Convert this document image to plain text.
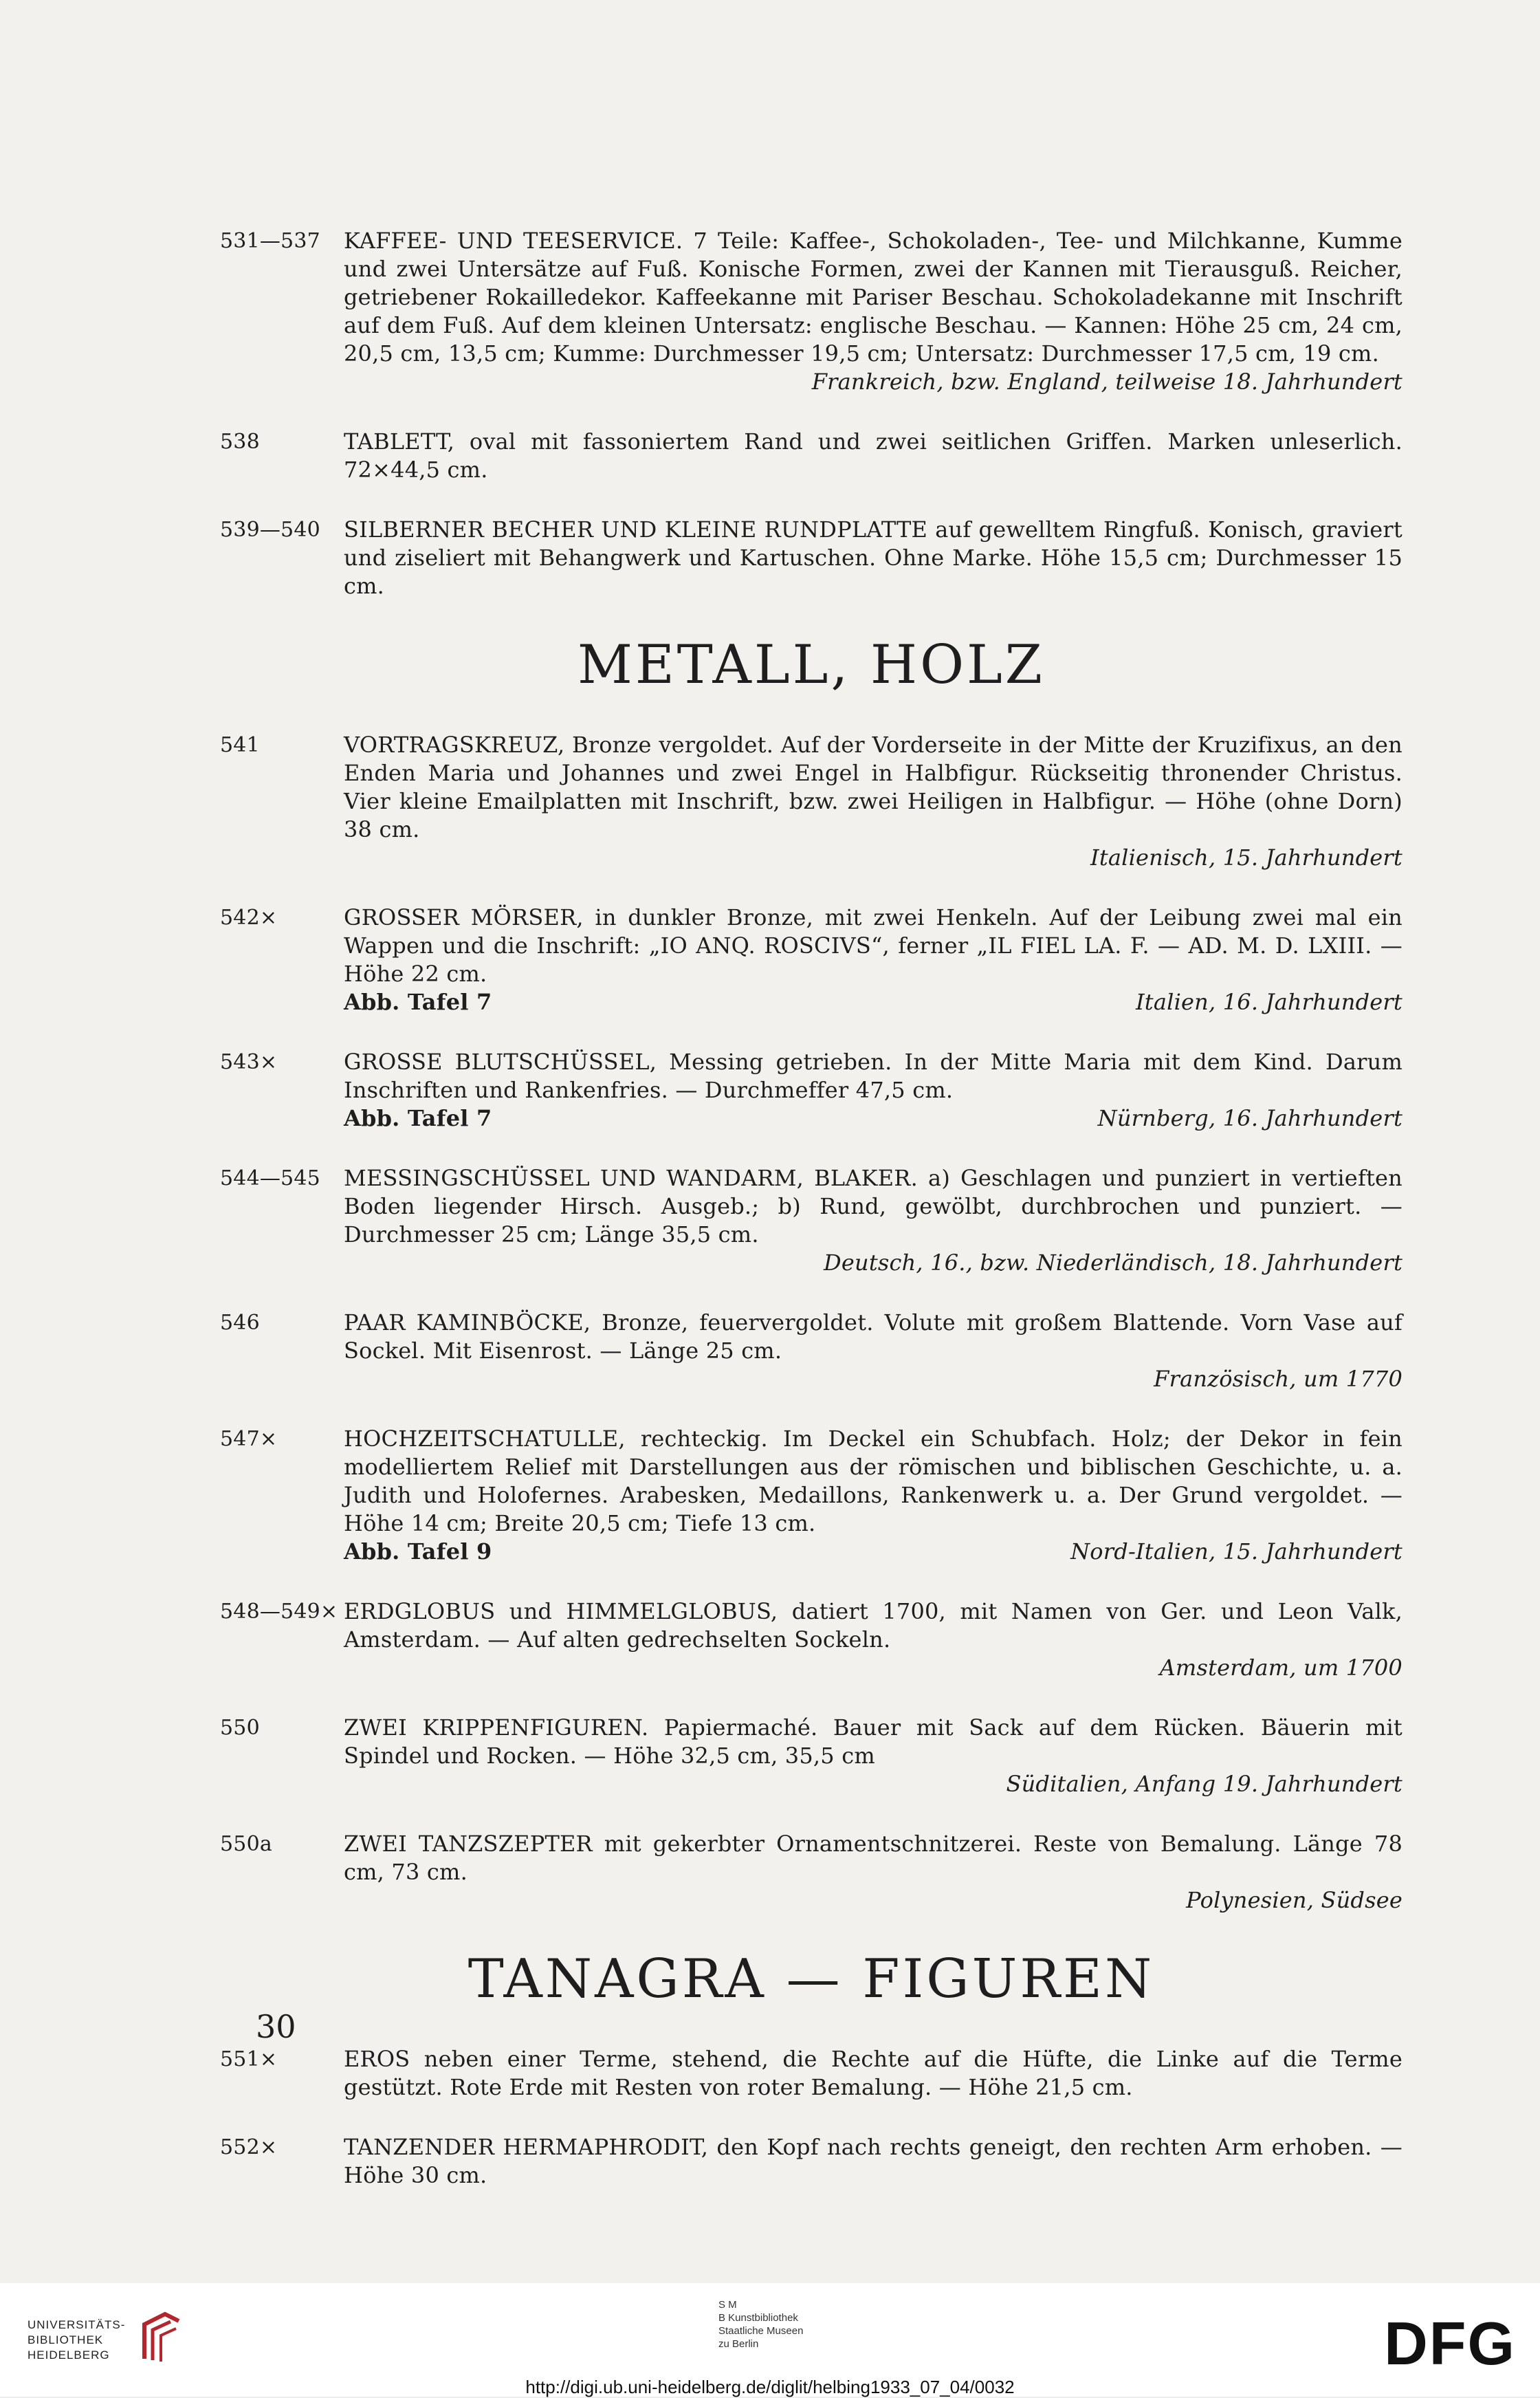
531—537	KAFFEE- UND TEESERVICE. 7 Teile: Kaffee-, Schokoladen-, Tee- und Milchkanne, Kumme und zwei Untersätze auf Fuß. Konische Formen, zwei der Kannen mit Tierausguß. Reicher, getriebener Rokailledekor. Kaffeekanne mit Pariser Beschau. Schokoladekanne mit Inschrift auf dem Fuß. Auf dem kleinen Untersatz: englische Beschau. — Kannen: Höhe 25 cm, 24 cm, 20,5 cm, 13,5 cm; Kumme: Durchmesser 19,5 cm; Untersatz: Durchmesser 17,5 cm, 19 cm.
Frankreich, bzw. England, teilweise 18. Jahrhundert
538	TABLETT, oval mit fassoniertem Rand und zwei seitlichen Griffen. Marken unleserlich. 72×44,5 cm.
539—540	SILBERNER BECHER UND KLEINE RUNDPLATTE auf gewelltem Ringfuß. Konisch, graviert und ziseliert mit Behangwerk und Kartuschen. Ohne Marke. Höhe 15,5 cm; Durchmesser 15 cm.
METALL, HOLZ
541	VORTRAGSKREUZ, Bronze vergoldet. Auf der Vorderseite in der Mitte der Kruzifixus, an den Enden Maria und Johannes und zwei Engel in Halbfigur. Rückseitig thronender Christus. Vier kleine Emailplatten mit Inschrift, bzw. zwei Heiligen in Halbfigur. — Höhe (ohne Dorn) 38 cm.
Italienisch, 15. Jahrhundert
542×	GROSSER MÖRSER, in dunkler Bronze, mit zwei Henkeln. Auf der Leibung zwei mal ein Wappen und die Inschrift: „IO ANQ. ROSCIVS“, ferner „IL FIEL LA. F. — AD. M. D. LXIII. — Höhe 22 cm.
Abb. Tafel 7	Italien, 16. Jahrhundert
543×	GROSSE BLUTSCHÜSSEL, Messing getrieben. In der Mitte Maria mit dem Kind. Darum Inschriften und Rankenfries. — Durchmeffer 47,5 cm.
Abb. Tafel 7	Nürnberg, 16. Jahrhundert
544—545	MESSINGSCHÜSSEL UND WANDARM, BLAKER. a) Geschlagen und punziert in vertieften Boden liegender Hirsch. Ausgeb.; b) Rund, gewölbt, durchbrochen und punziert. — Durchmesser 25 cm; Länge 35,5 cm.
Deutsch, 16., bzw. Niederländisch, 18. Jahrhundert
546	PAAR KAMINBÖCKE, Bronze, feuervergoldet. Volute mit großem Blattende. Vorn Vase auf Sockel. Mit Eisenrost. — Länge 25 cm.
Französisch, um 1770
547×	HOCHZEITSCHATULLE, rechteckig. Im Deckel ein Schubfach. Holz; der Dekor in fein modelliertem Relief mit Darstellungen aus der römischen und biblischen Geschichte, u. a. Judith und Holofernes. Arabesken, Medaillons, Rankenwerk u. a. Der Grund vergoldet. — Höhe 14 cm; Breite 20,5 cm; Tiefe 13 cm.
Abb. Tafel 9	Nord-Italien, 15. Jahrhundert
548—549× ERDGLOBUS und HIMMELGLOBUS, datiert 1700, mit Namen von Ger. und Leon Valk, Amsterdam. — Auf alten gedrechselten Sockeln.
Amsterdam, um 1700
550	ZWEI KRIPPENFIGUREN. Papiermaché. Bauer mit Sack auf dem Rücken. Bäuerin mit Spindel und Rocken. — Höhe 32,5 cm, 35,5 cm
Süditalien, Anfang 19. Jahrhundert
550a	ZWEI TANZSZEPTER mit gekerbter Ornamentschnitzerei. Reste von Bemalung. Länge 78 cm, 73 cm.
Polynesien, Südsee
TANAGRA — FIGUREN
551×	EROS neben einer Terme, stehend, die Rechte auf die Hüfte, die Linke auf die Terme gestützt. Rote Erde mit Resten von roter Bemalung. — Höhe 21,5 cm.
552×	TANZENDER HERMAPHRODIT, den Kopf nach rechts geneigt, den rechten Arm erhoben. — Höhe 30 cm.
30
UNIVERSITÄTS-
BIBLIOTHEK
HEIDELBERG
S M
B Kunstbibliothek
Staatliche Museen
zu Berlin	DFG
http://digi.ub.uni-heidelberg.de/diglit/helbing1933_07_04/0032
